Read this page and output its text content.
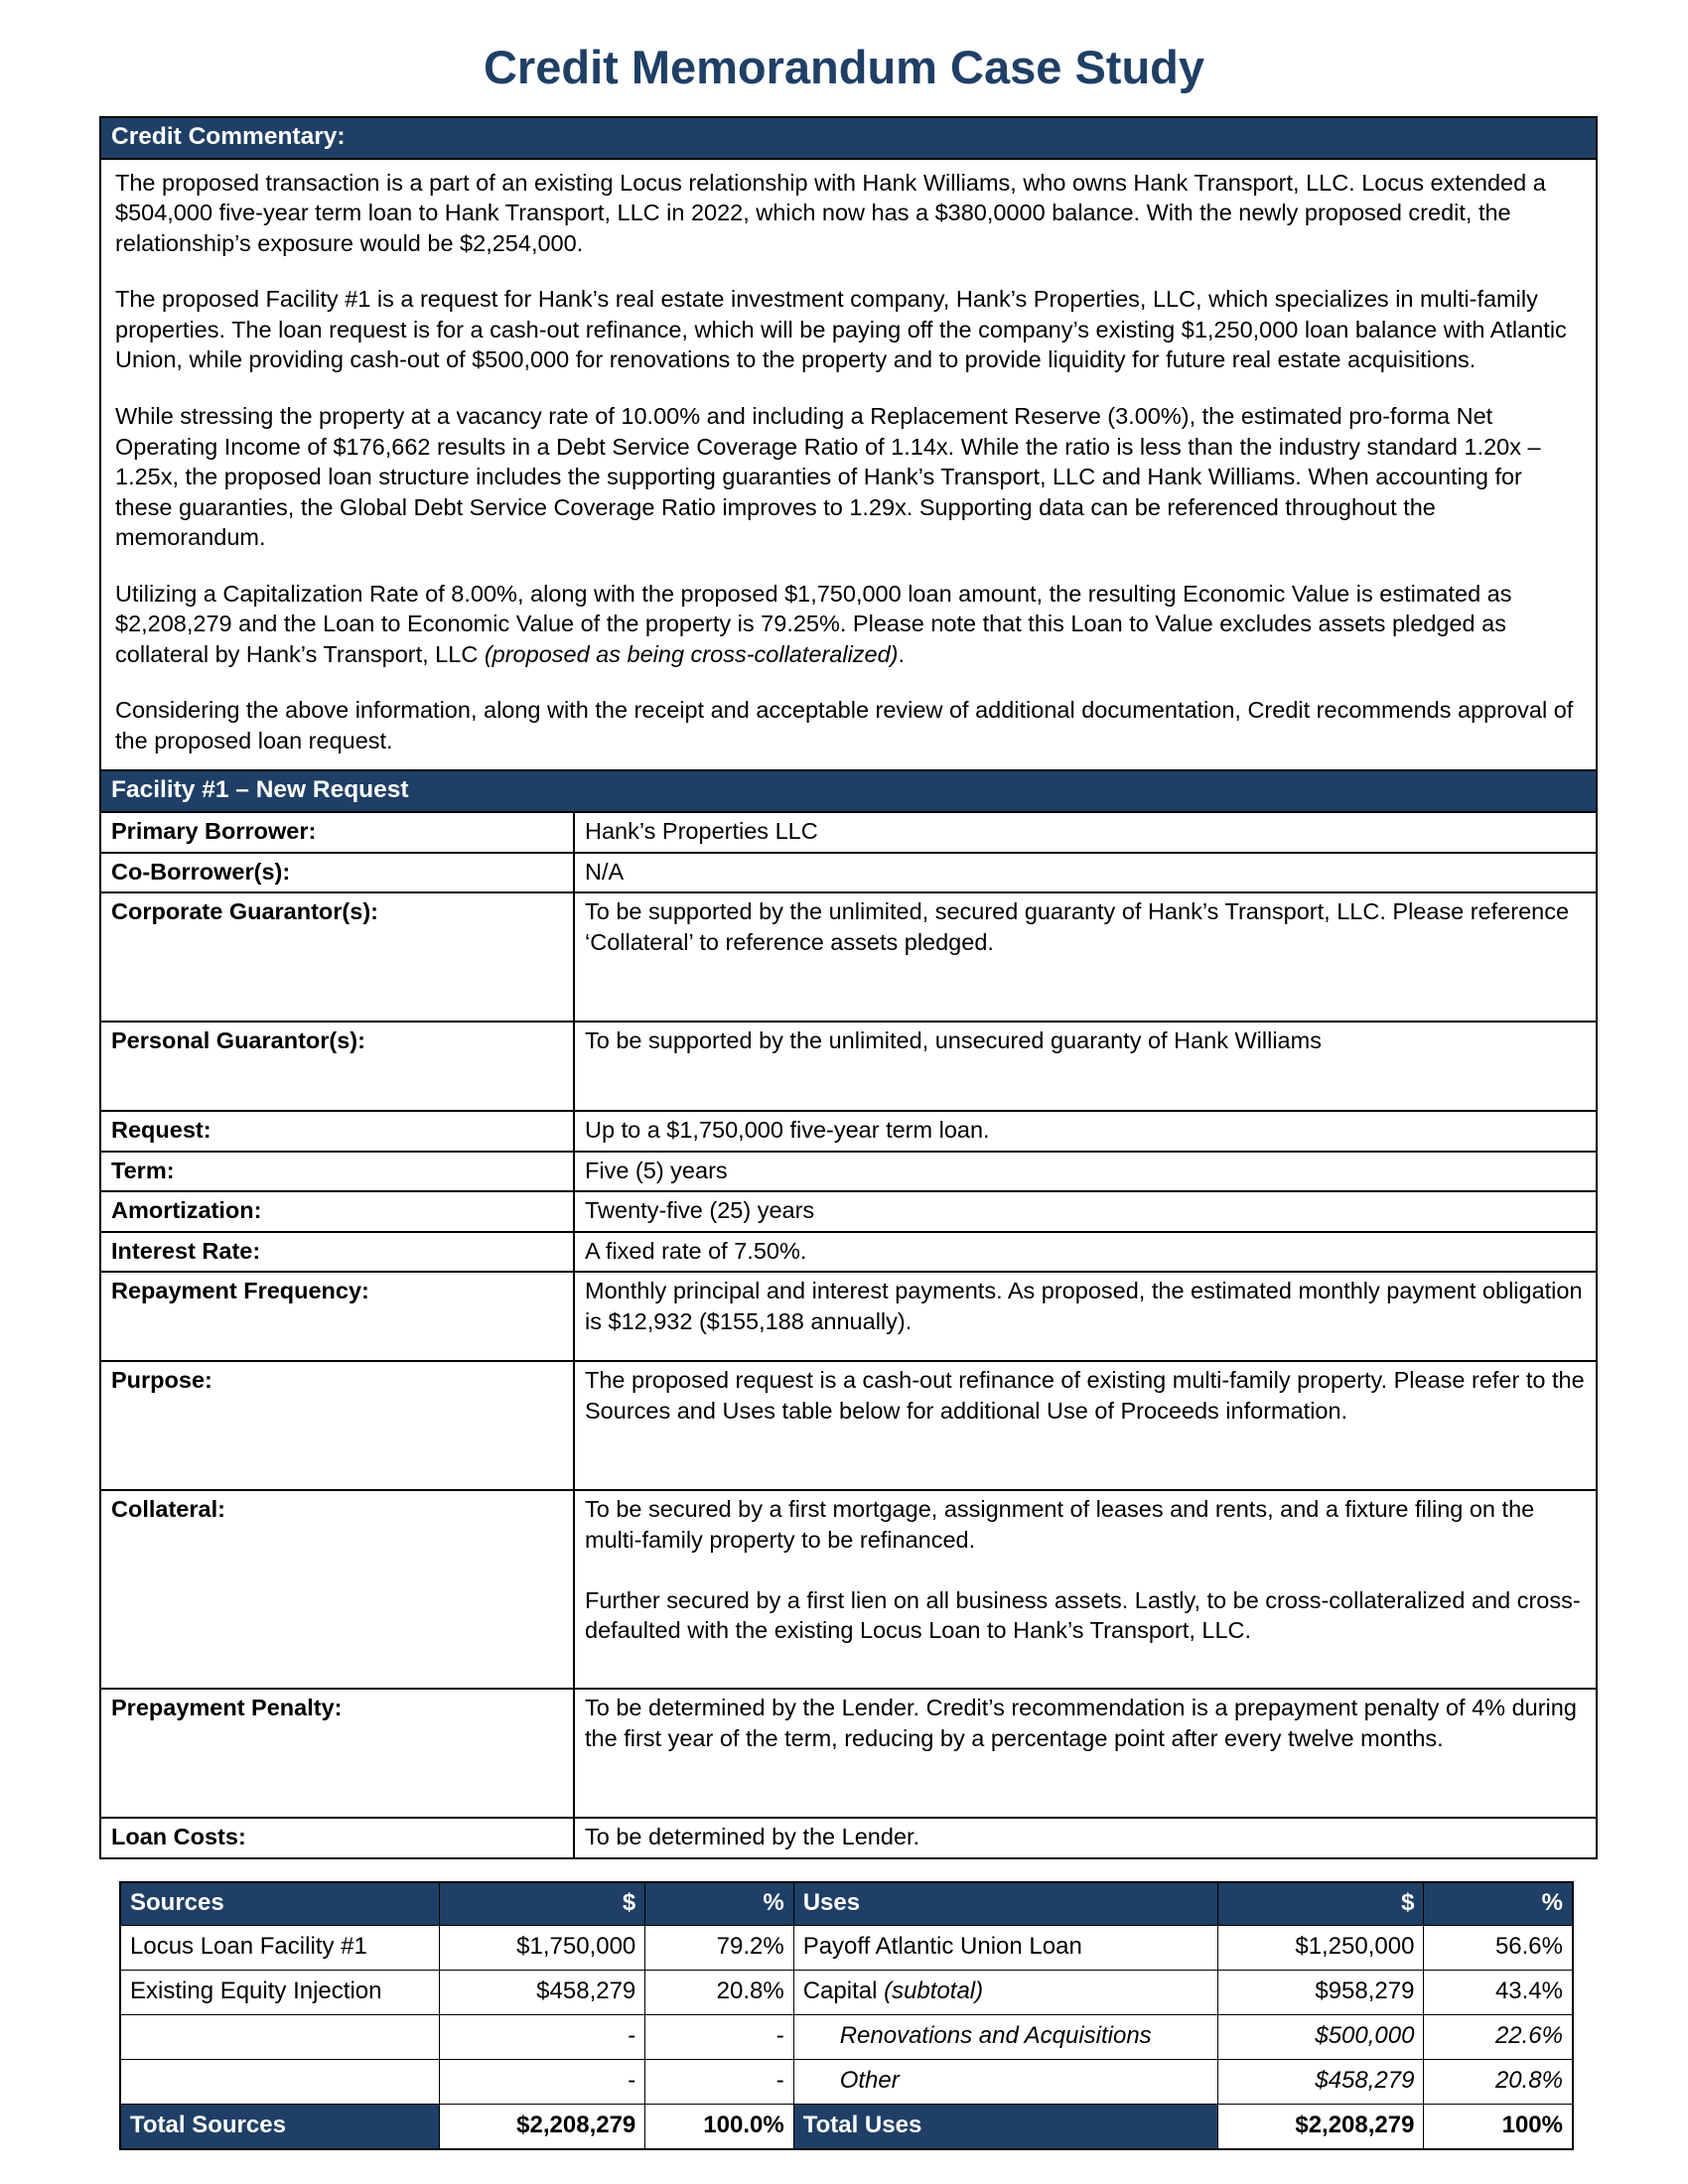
Credit Memorandum Case Study
Credit Commentary:

The proposed transaction is a part of an existing Locus relationship with Hank Williams, who owns Hank Transport, LLC. Locus extended a $504,000 five-year term loan to Hank Transport, LLC in 2022, which now has a $380,0000 balance. With the newly proposed credit, the relationship’s exposure would be $2,254,000.

The proposed Facility #1 is a request for Hank’s real estate investment company, Hank’s Properties, LLC, which specializes in multi-family properties. The loan request is for a cash-out refinance, which will be paying off the company’s existing $1,250,000 loan balance with Atlantic Union, while providing cash-out of $500,000 for renovations to the property and to provide liquidity for future real estate acquisitions.

While stressing the property at a vacancy rate of 10.00% and including a Replacement Reserve (3.00%), the estimated pro-forma Net Operating Income of $176,662 results in a Debt Service Coverage Ratio of 1.14x. While the ratio is less than the industry standard 1.20x – 1.25x, the proposed loan structure includes the supporting guaranties of Hank’s Transport, LLC and Hank Williams. When accounting for these guaranties, the Global Debt Service Coverage Ratio improves to 1.29x. Supporting data can be referenced throughout the memorandum.

Utilizing a Capitalization Rate of 8.00%, along with the proposed $1,750,000 loan amount, the resulting Economic Value is estimated as $2,208,279 and the Loan to Economic Value of the property is 79.25%. Please note that this Loan to Value excludes assets pledged as collateral by Hank’s Transport, LLC (proposed as being cross-collateralized).

Considering the above information, along with the receipt and acceptable review of additional documentation, Credit recommends approval of the proposed loan request.

Facility #1 – New Request
Primary Borrower:	Hank’s Properties LLC
Co-Borrower(s):	N/A
Corporate Guarantor(s):	To be supported by the unlimited, secured guaranty of Hank’s Transport, LLC. Please reference ‘Collateral’ to reference assets pledged.
Personal Guarantor(s):	To be supported by the unlimited, unsecured guaranty of Hank Williams
Request:	Up to a $1,750,000 five-year term loan.
Term:	Five (5) years
Amortization:	Twenty-five (25) years
Interest Rate:	A fixed rate of 7.50%.
Repayment Frequency:	Monthly principal and interest payments. As proposed, the estimated monthly payment obligation is $12,932 ($155,188 annually).
Purpose:	The proposed request is a cash-out refinance of existing multi-family property. Please refer to the Sources and Uses table below for additional Use of Proceeds information.
Collateral:	To be secured by a first mortgage, assignment of leases and rents, and a fixture filing on the multi-family property to be refinanced.
Further secured by a first lien on all business assets. Lastly, to be cross-collateralized and cross-defaulted with the existing Locus Loan to Hank’s Transport, LLC.
Prepayment Penalty:	To be determined by the Lender. Credit’s recommendation is a prepayment penalty of 4% during the first year of the term, reducing by a percentage point after every twelve months.
Loan Costs:	To be determined by the Lender.
Sources	$	%	Uses	$	%
Locus Loan Facility #1	$1,750,000	79.2%	Payoff Atlantic Union Loan	$1,250,000	56.6%
Existing Equity Injection	$458,279	20.8%	Capital (subtotal)	$958,279	43.4%
	-	-	Renovations and Acquisitions	$500,000	22.6%
	-	-	Other	$458,279	20.8%
Total Sources	$2,208,279	100.0%	Total Uses	$2,208,279	100%
